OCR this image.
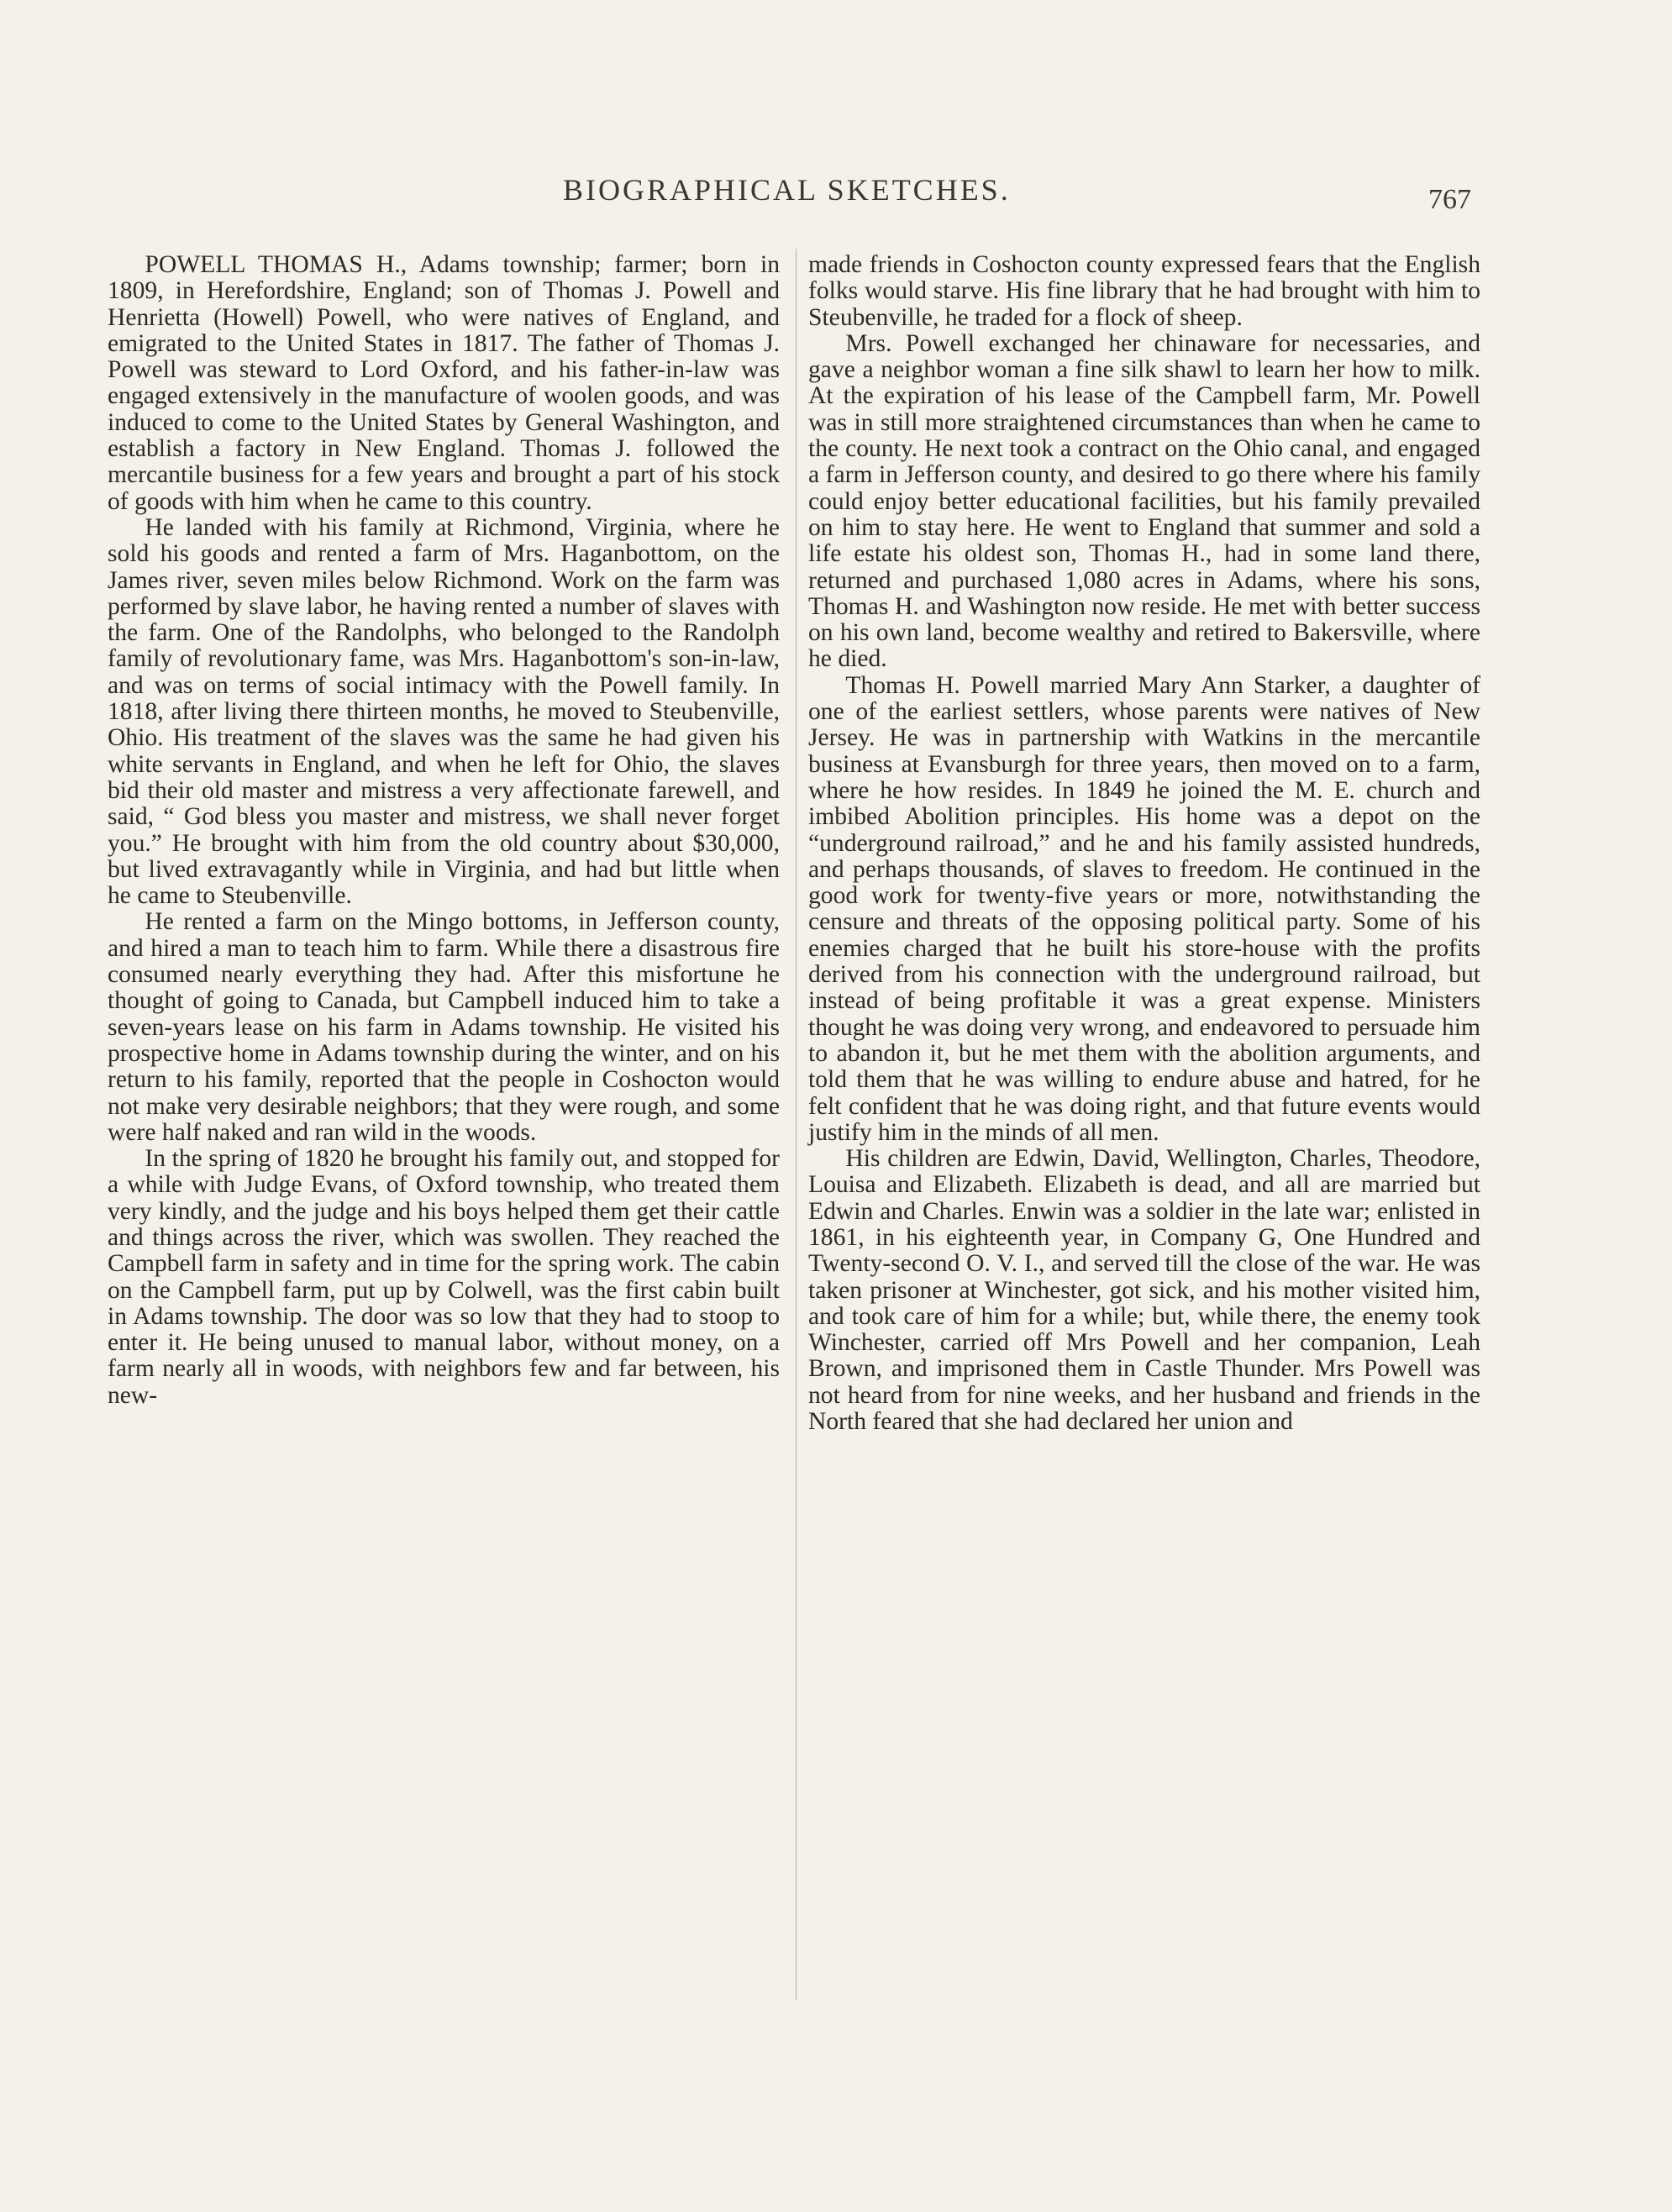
BIOGRAPHICAL SKETCHES.	767

POWELL THOMAS H., Adams township; farmer; born in 1809, in Herefordshire, England; son of Thomas J. Powell and Henrietta (Howell) Powell, who were natives of England, and emigrated to the United States in 1817. The father of Thomas J. Powell was steward to Lord Oxford, and his father-in-law was engaged extensively in the manufacture of woolen goods, and was induced to come to the United States by General Washington, and establish a factory in New England. Thomas J. followed the mercantile business for a few years and brought a part of his stock of goods with him when he came to this country.

He landed with his family at Richmond, Virginia, where he sold his goods and rented a farm of Mrs. Haganbottom, on the James river, seven miles below Richmond. Work on the farm was performed by slave labor, he having rented a number of slaves with the farm. One of the Randolphs, who belonged to the Randolph family of revolutionary fame, was Mrs. Haganbottom's son-in-law, and was on terms of social intimacy with the Powell family. In 1818, after living there thirteen months, he moved to Steubenville, Ohio. His treatment of the slaves was the same he had given his white servants in England, and when he left for Ohio, the slaves bid their old master and mistress a very affectionate farewell, and said, “ God bless you master and mistress, we shall never forget you.” He brought with him from the old country about $30,000, but lived extravagantly while in Virginia, and had but little when he came to Steubenville.

He rented a farm on the Mingo bottoms, in Jefferson county, and hired a man to teach him to farm. While there a disastrous fire consumed nearly everything they had. After this misfortune he thought of going to Canada, but Campbell induced him to take a seven-years lease on his farm in Adams township. He visited his prospective home in Adams township during the winter, and on his return to his family, reported that the people in Coshocton would not make very desirable neighbors; that they were rough, and some were half naked and ran wild in the woods.

In the spring of 1820 he brought his family out, and stopped for a while with Judge Evans, of Oxford township, who treated them very kindly, and the judge and his boys helped them get their cattle and things across the river, which was swollen. They reached the Campbell farm in safety and in time for the spring work. The cabin on the Campbell farm, put up by Colwell, was the first cabin built in Adams township. The door was so low that they had to stoop to enter it. He being unused to manual labor, without money, on a farm nearly all in woods, with neighbors few and far between, his new-

made friends in Coshocton county expressed fears that the English folks would starve. His fine library that he had brought with him to Steubenville, he traded for a flock of sheep.

Mrs. Powell exchanged her chinaware for necessaries, and gave a neighbor woman a fine silk shawl to learn her how to milk. At the expiration of his lease of the Campbell farm, Mr. Powell was in still more straightened circumstances than when he came to the county. He next took a contract on the Ohio canal, and engaged a farm in Jefferson county, and desired to go there where his family could enjoy better educational facilities, but his family prevailed on him to stay here. He went to England that summer and sold a life estate his oldest son, Thomas H., had in some land there, returned and purchased 1,080 acres in Adams, where his sons, Thomas H. and Washington now reside. He met with better success on his own land, become wealthy and retired to Bakersville, where he died.

Thomas H. Powell married Mary Ann Starker, a daughter of one of the earliest settlers, whose parents were natives of New Jersey. He was in partnership with Watkins in the mercantile business at Evansburgh for three years, then moved on to a farm, where he how resides. In 1849 he joined the M. E. church and imbibed Abolition principles. His home was a depot on the “underground railroad,” and he and his family assisted hundreds, and perhaps thousands, of slaves to freedom. He continued in the good work for twenty-five years or more, notwithstanding the censure and threats of the opposing political party. Some of his enemies charged that he built his store-house with the profits derived from his connection with the underground railroad, but instead of being profitable it was a great expense. Ministers thought he was doing very wrong, and endeavored to persuade him to abandon it, but he met them with the abolition arguments, and told them that he was willing to endure abuse and hatred, for he felt confident that he was doing right, and that future events would justify him in the minds of all men.

His children are Edwin, David, Wellington, Charles, Theodore, Louisa and Elizabeth. Elizabeth is dead, and all are married but Edwin and Charles. Enwin was a soldier in the late war; enlisted in 1861, in his eighteenth year, in Company G, One Hundred and Twenty-second O. V. I., and served till the close of the war. He was taken prisoner at Winchester, got sick, and his mother visited him, and took care of him for a while; but, while there, the enemy took Winchester, carried off Mrs Powell and her companion, Leah Brown, and imprisoned them in Castle Thunder. Mrs Powell was not heard from for nine weeks, and her husband and friends in the North feared that she had declared her union and
